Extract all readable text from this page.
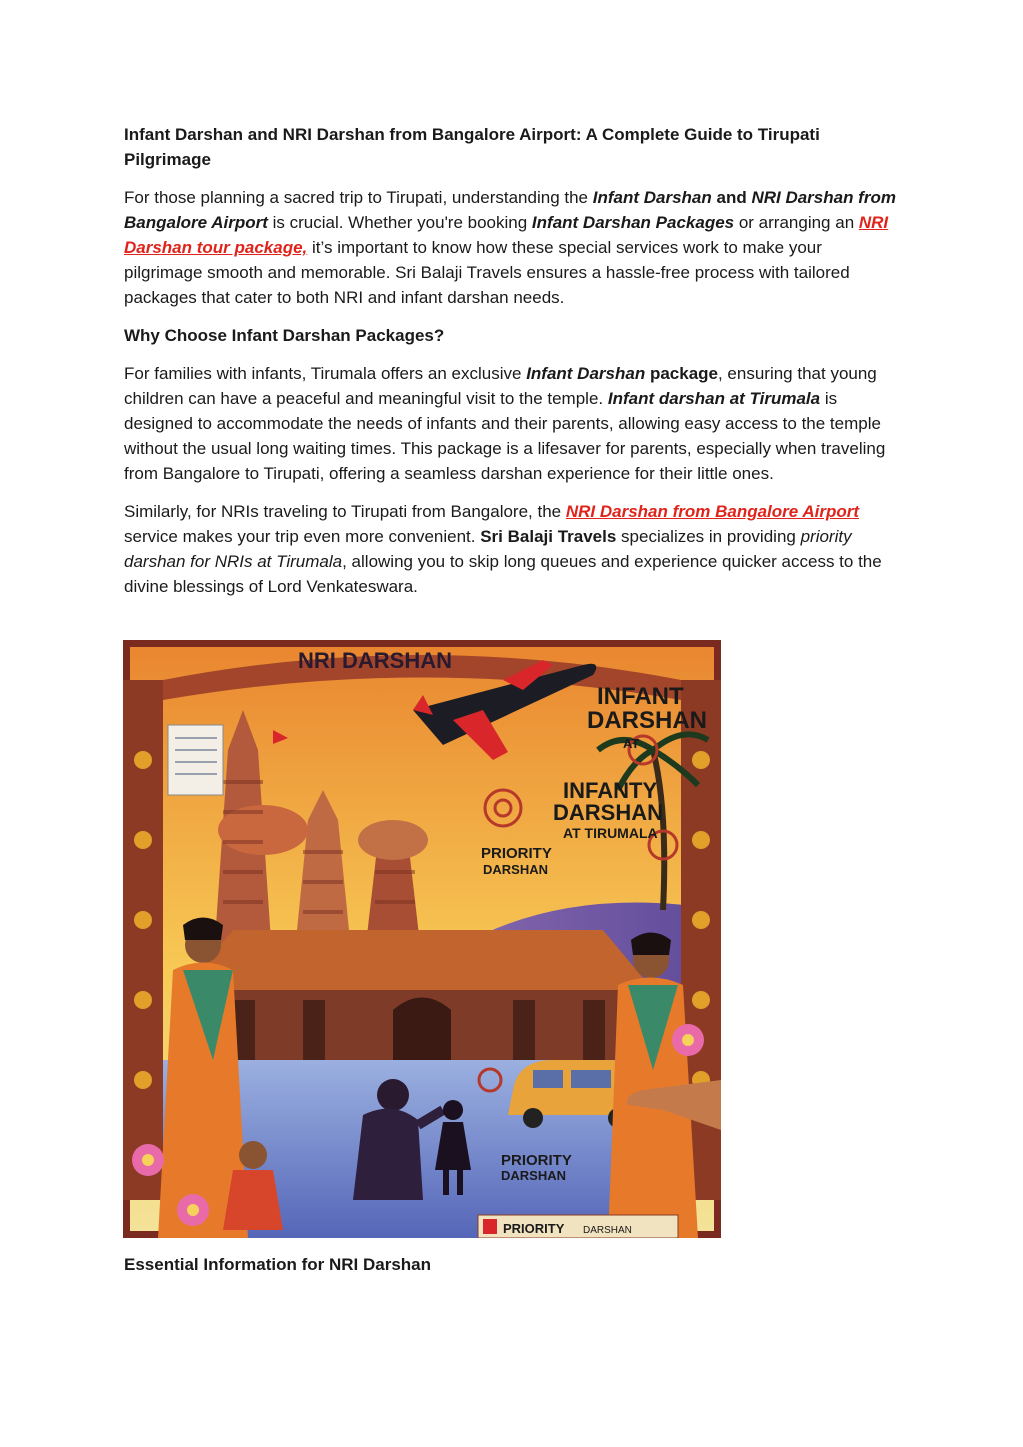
Infant Darshan and NRI Darshan from Bangalore Airport: A Complete Guide to Tirupati Pilgrimage

For those planning a sacred trip to Tirupati, understanding the Infant Darshan and NRI Darshan from Bangalore Airport is crucial. Whether you're booking Infant Darshan Packages or arranging an NRI Darshan tour package, it’s important to know how these special services work to make your pilgrimage smooth and memorable. Sri Balaji Travels ensures a hassle-free process with tailored packages that cater to both NRI and infant darshan needs.

Why Choose Infant Darshan Packages?

For families with infants, Tirumala offers an exclusive Infant Darshan package, ensuring that young children can have a peaceful and meaningful visit to the temple. Infant darshan at Tirumala is designed to accommodate the needs of infants and their parents, allowing easy access to the temple without the usual long waiting times. This package is a lifesaver for parents, especially when traveling from Bangalore to Tirupati, offering a seamless darshan experience for their little ones.

Similarly, for NRIs traveling to Tirupati from Bangalore, the NRI Darshan from Bangalore Airport service makes your trip even more convenient. Sri Balaji Travels specializes in providing priority darshan for NRIs at Tirumala, allowing you to skip long queues and experience quicker access to the divine blessings of Lord Venkateswara.

NRI DARSHAN
INFANT
DARSHAN
AT
INFANTY
DARSHAN
AT TIRUMALA
PRIORITY
DARSHAN
PRIORITY
DARSHAN
PRIORITY DARSHAN
Essential Information for NRI Darshan
